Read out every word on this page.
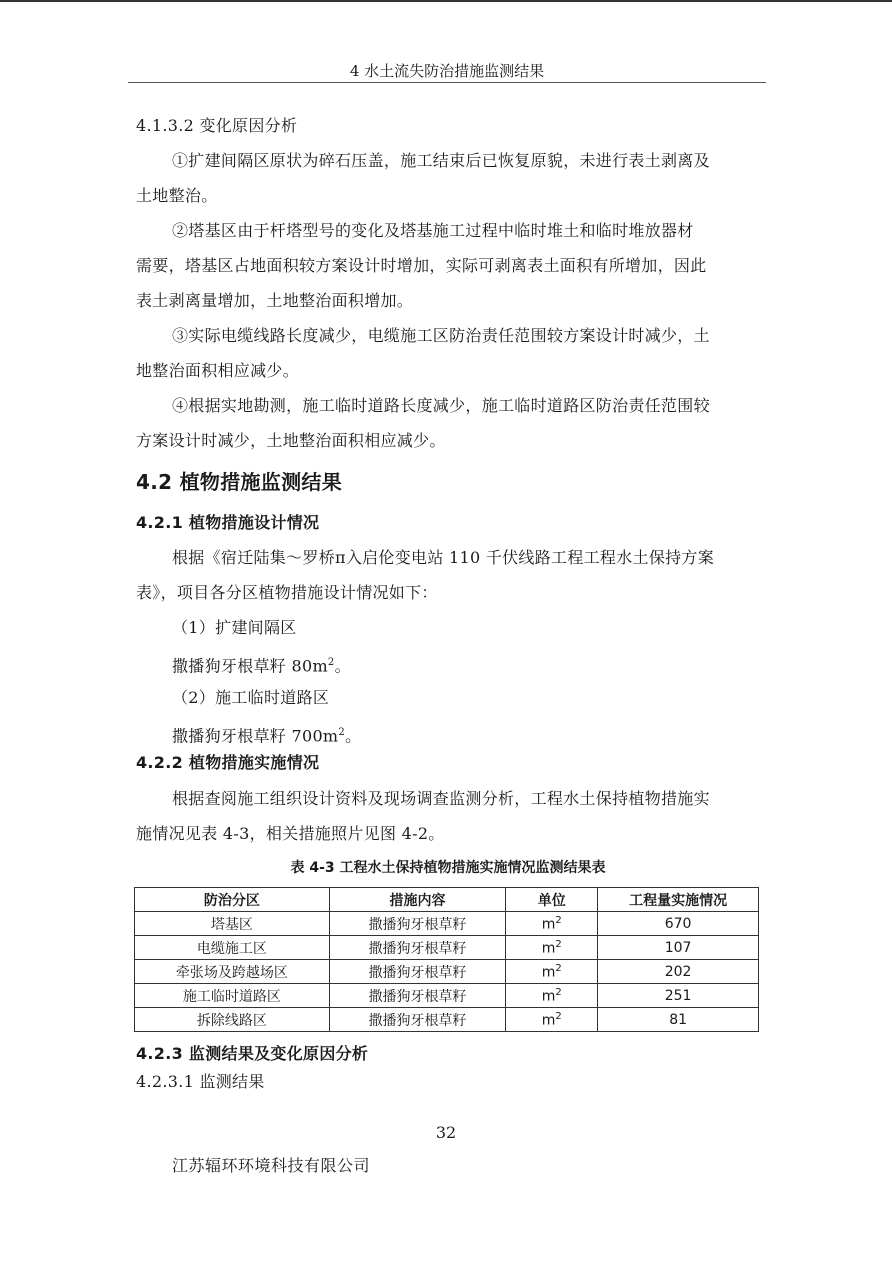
4 水土流失防治措施监测结果
4.1.3.2 变化原因分析
①扩建间隔区原状为碎石压盖，施工结束后已恢复原貌，未进行表土剥离及
土地整治。
②塔基区由于杆塔型号的变化及塔基施工过程中临时堆土和临时堆放器材
需要，塔基区占地面积较方案设计时增加，实际可剥离表土面积有所增加，因此
表土剥离量增加，土地整治面积增加。
③实际电缆线路长度减少，电缆施工区防治责任范围较方案设计时减少，土
地整治面积相应减少。
④根据实地勘测，施工临时道路长度减少，施工临时道路区防治责任范围较
方案设计时减少，土地整治面积相应减少。
4.2 植物措施监测结果
4.2.1 植物措施设计情况
根据《宿迁陆集～罗桥π入启伦变电站 110 千伏线路工程工程水土保持方案
表》，项目各分区植物措施设计情况如下：
（1）扩建间隔区
撒播狗牙根草籽 $80m^2$。
（2）施工临时道路区
撒播狗牙根草籽 $700m^2$。
4.2.2 植物措施实施情况
根据查阅施工组织设计资料及现场调查监测分析，工程水土保持植物措施实
施情况见表 4-3，相关措施照片见图 4-2。
表 4-3 工程水土保持植物措施实施情况监测结果表
防治分区	措施内容	单位	工程量实施情况
塔基区	撒播狗牙根草籽	$m^2$	670
电缆施工区	撒播狗牙根草籽	$m^2$	107
牵张场及跨越场区	撒播狗牙根草籽	$m^2$	202
施工临时道路区	撒播狗牙根草籽	$m^2$	251
拆除线路区	撒播狗牙根草籽	$m^2$	81
4.2.3 监测结果及变化原因分析
4.2.3.1 监测结果
32
江苏辐环环境科技有限公司
